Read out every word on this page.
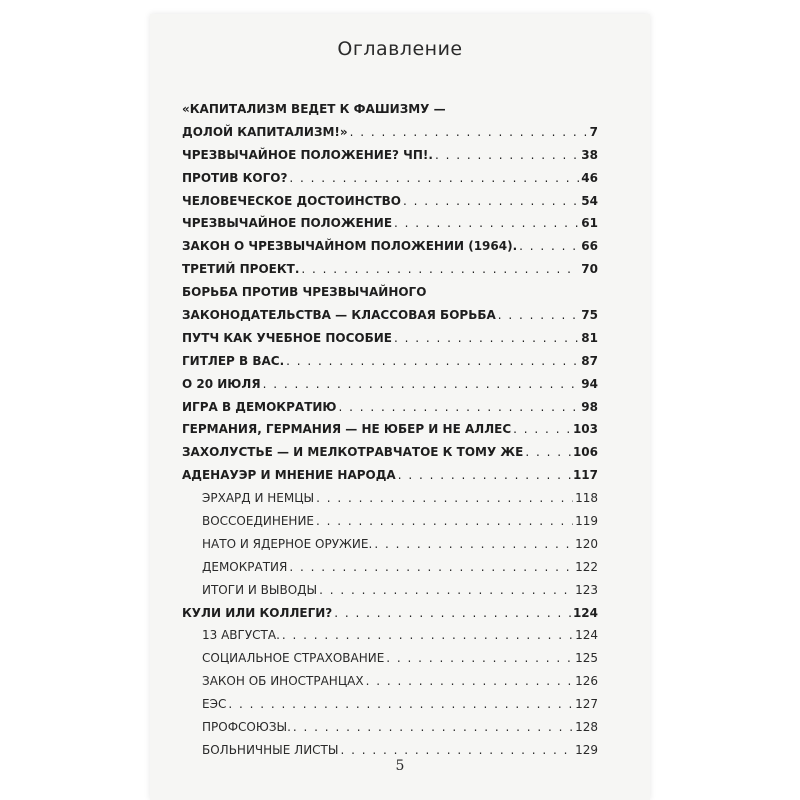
Оглавление
«КАПИТАЛИЗМ ВЕДЕТ К ФАШИЗМУ —
ДОЛОЙ КАПИТАЛИЗМ!» . . .	7
ЧРЕЗВЫЧАЙНОЕ ПОЛОЖЕНИЕ? ЧП!. . . .	38
ПРОТИВ КОГО? . . .	46
ЧЕЛОВЕЧЕСКОЕ ДОСТОИНСТВО . . .	54
ЧРЕЗВЫЧАЙНОЕ ПОЛОЖЕНИЕ . . .	61
ЗАКОН О ЧРЕЗВЫЧАЙНОМ ПОЛОЖЕНИИ (1964). . . .	66
ТРЕТИЙ ПРОЕКТ. . . .	70
БОРЬБА ПРОТИВ ЧРЕЗВЫЧАЙНОГО
ЗАКОНОДАТЕЛЬСТВА — КЛАССОВАЯ БОРЬБА . . .	75
ПУТЧ КАК УЧЕБНОЕ ПОСОБИЕ . . .	81
ГИТЛЕР В ВАС. . . .	87
О 20 ИЮЛЯ . . .	94
ИГРА В ДЕМОКРАТИЮ . . .	98
ГЕРМАНИЯ, ГЕРМАНИЯ — НЕ ЮБЕР И НЕ АЛЛЕС . . .	103
ЗАХОЛУСТЬЕ — И МЕЛКОТРАВЧАТОЕ К ТОМУ ЖЕ . . .	106
АДЕНАУЭР И МНЕНИЕ НАРОДА . . .	117
ЭРХАРД И НЕМЦЫ . . .	118
ВОССОЕДИНЕНИЕ . . .	119
НАТО И ЯДЕРНОЕ ОРУЖИЕ. . . .	120
ДЕМОКРАТИЯ . . .	122
ИТОГИ И ВЫВОДЫ . . .	123
КУЛИ ИЛИ КОЛЛЕГИ? . . .	124
13 АВГУСТА. . . .	124
СОЦИАЛЬНОЕ СТРАХОВАНИЕ . . .	125
ЗАКОН ОБ ИНОСТРАНЦАХ . . .	126
ЕЭС . . .	127
ПРОФСОЮЗЫ. . . .	128
БОЛЬНИЧНЫЕ ЛИСТЫ . . .	129
5
